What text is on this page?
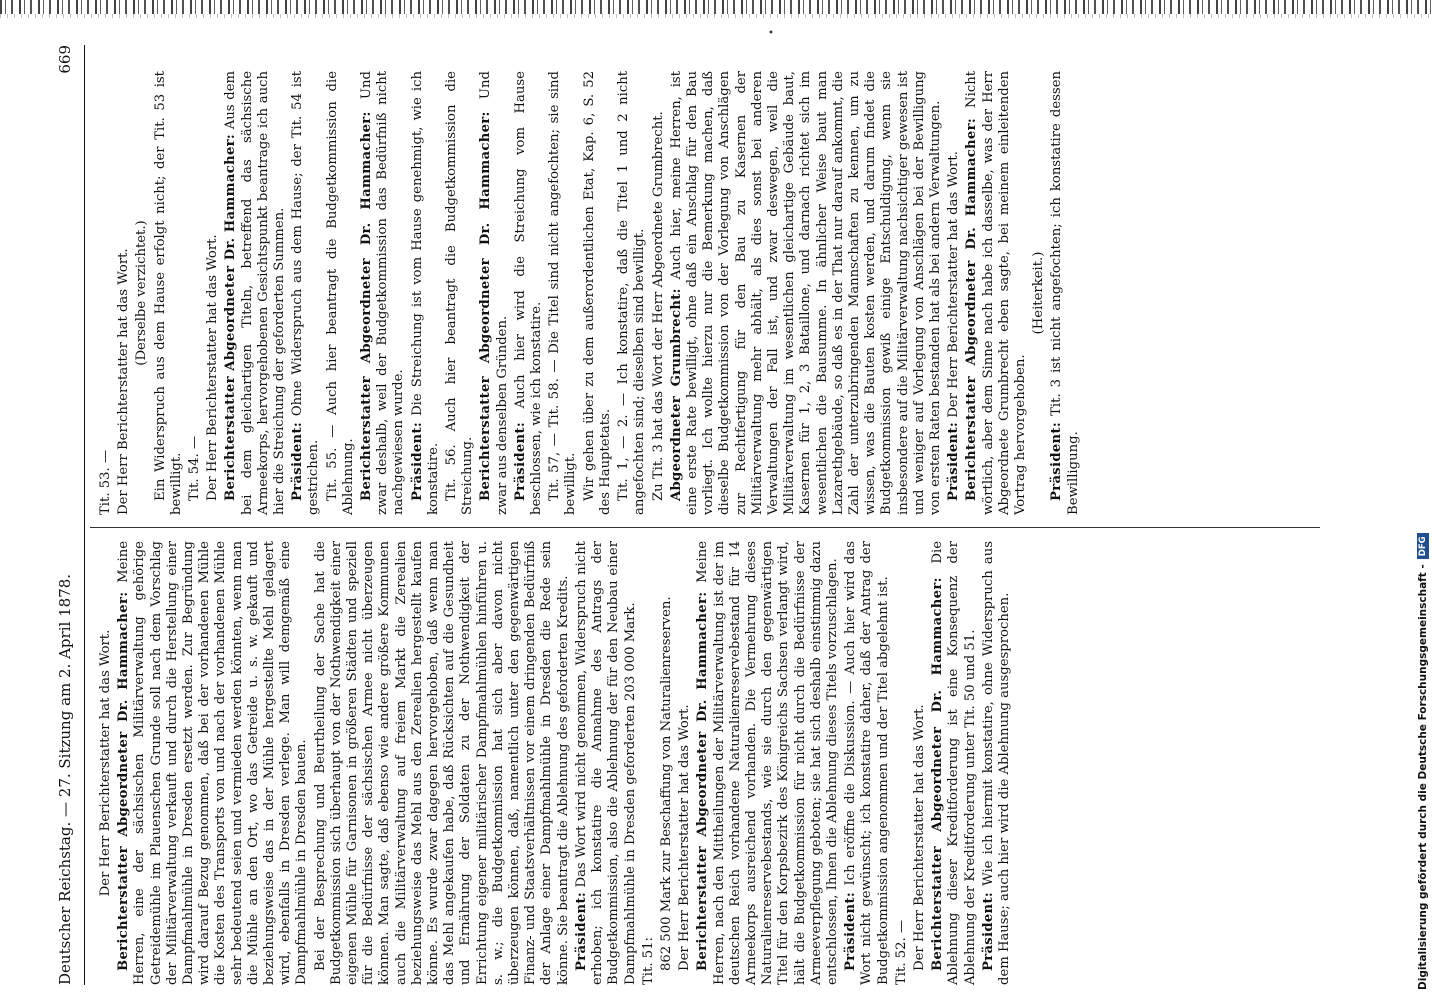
Deutscher Reichstag. — 27. Sitzung am 2. April 1878.
669

Der Herr Berichterstatter hat das Wort. Berichterstatter Abgeordneter Dr. Hammacher: Meine Herren, eine der sächsischen Militärverwaltung gehörige Getreidemühle im Plauenschen Grunde soll nach dem Vorschlag der Militärverwaltung verkauft und durch die Herstellung einer Dampfmahlmühle in Dresden ersetzt werden. Zur Begründung wird darauf Bezug genommen, daß bei der vorhandenen Mühle die Kosten des Transports von und nach der vorhandenen Mühle sehr bedeutend seien und vermieden werden könnten, wenn man die Mühle an den Ort, wo das Getreide u. s. w. gekauft und beziehungsweise das in der Mühle hergestellte Mehl gelagert wird, ebenfalls in Dresden verlege. Man will demgemäß eine Dampfmahlmühle in Dresden bauen. Bei der Besprechung und Beurtheilung der Sache hat die Budgetkommission sich überhaupt von der Nothwendigkeit einer eigenen Mühle für Garnisonen in größeren Städten und speziell für die Bedürfnisse der sächsischen Armee nicht überzeugen können. Man sagte, daß ebenso wie andere größere Kommunen auch die Militärverwaltung auf freiem Markt die Zerealien beziehungsweise das Mehl aus den Zerealien hergestellt kaufen könne. Es wurde zwar dagegen hervorgehoben, daß wenn man das Mehl angekaufen habe, daß Rücksichten auf die Gesundheit und Ernährung der Soldaten zu der Nothwendigkeit der Errichtung eigener militärischer Dampfmahlmühlen hinführen u. s. w.; die Budgetkommission hat sich aber davon nicht überzeugen können, daß, namentlich unter den gegenwärtigen Finanz- und Staatsverhältnissen vor einem dringenden Bedürfniß der Anlage einer Dampfmahlmühle in Dresden die Rede sein könne. Sie beantragt die Ablehnung des geforderten Kredits. Präsident: Das Wort wird nicht genommen, Widerspruch nicht erhoben; ich konstatire die Annahme des Antrags der Budgetkommission, also die Ablehnung der für den Neubau einer Dampfmahlmühle in Dresden geforderten 203 000 Mark. Tit. 51: 862 500 Mark zur Beschaffung von Naturalienreserven. Der Herr Berichterstatter hat das Wort. Berichterstatter Abgeordneter Dr. Hammacher: Meine Herren, nach den Mittheilungen der Militärverwaltung ist der im deutschen Reich vorhandene Naturalienreservebestand für 14 Armeekorps ausreichend vorhanden. Die Vermehrung dieses Naturalienreservebestands, wie sie durch den gegenwärtigen Titel für den Korpsbezirk des Königreichs Sachsen verlangt wird, hält die Budgetkommission für nicht durch die Bedürfnisse der Armeeverpflegung geboten; sie hat sich deshalb einstimmig dazu entschlossen, Ihnen die Ablehnung dieses Titels vorzuschlagen. Präsident: Ich eröffne die Diskussion. — Auch hier wird das Wort nicht gewünscht; ich konstatire daher, daß der Antrag der Budgetkommission angenommen und der Titel abgelehnt ist. Tit. 52. — Der Herr Berichterstatter hat das Wort. Berichterstatter Abgeordneter Dr. Hammacher: Die Ablehnung dieser Kreditforderung ist eine Konsequenz der Ablehnung der Kreditforderung unter Tit. 50 und 51. Präsident: Wie ich hiermit konstatire, ohne Widerspruch aus dem Hause; auch hier wird die Ablehnung ausgesprochen.

Tit. 53. — Der Herr Berichterstatter hat das Wort. (Derselbe verzichtet.) Ein Widerspruch aus dem Hause erfolgt nicht; der Tit. 53 ist bewilligt. Tit. 54. — Der Herr Berichterstatter hat das Wort. Berichterstatter Abgeordneter Dr. Hammacher: Aus dem bei dem gleichartigen Titeln, betreffend das sächsische Armeekorps, hervorgehobenen Gesichtspunkt beantrage ich auch hier die Streichung der geforderten Summen. Präsident: Ohne Widerspruch aus dem Hause; der Tit. 54 ist gestrichen. Tit. 55. — Auch hier beantragt die Budgetkommission die Ablehnung. Berichterstatter Abgeordneter Dr. Hammacher: Und zwar deshalb, weil der Budgetkommission das Bedürfniß nicht nachgewiesen wurde. Präsident: Die Streichung ist vom Hause genehmigt, wie ich konstatire. Tit. 56. Auch hier beantragt die Budgetkommission die Streichung. Berichterstatter Abgeordneter Dr. Hammacher: Und zwar aus denselben Gründen. Präsident: Auch hier wird die Streichung vom Hause beschlossen, wie ich konstatire. Tit. 57, — Tit. 58. — Die Titel sind nicht angefochten; sie sind bewilligt. Wir gehen über zu dem außerordentlichen Etat, Kap. 6, S. 52 des Hauptetats. Tit. 1, — 2. — Ich konstatire, daß die Titel 1 und 2 nicht angefochten sind; dieselben sind bewilligt. Zu Tit. 3 hat das Wort der Herr Abgeordnete Grumbrecht. Abgeordneter Grumbrecht: Auch hier, meine Herren, ist eine erste Rate bewilligt, ohne daß ein Anschlag für den Bau vorliegt. Ich wollte hierzu nur die Bemerkung machen, daß dieselbe Budgetkommission von der Vorlegung von Anschlägen zur Rechtfertigung für den Bau zu Kasernen der Militärverwaltung mehr abhält, als dies sonst bei anderen Verwaltungen der Fall ist, und zwar deswegen, weil die Militärverwaltung im wesentlichen gleichartige Gebäude baut, Kasernen für 1, 2, 3 Bataillone, und darnach richtet sich im wesentlichen die Bausumme. In ähnlicher Weise baut man Lazarethgebäude, so daß es in der That nur darauf ankommt, die Zahl der unterzubringenden Mannschaften zu kennen, um zu wissen, was die Bauten kosten werden, und darum findet die Budgetkommission gewiß einige Entschuldigung, wenn sie insbesondere auf die Militärverwaltung nachsichtiger gewesen ist und weniger auf Vorlegung von Anschlägen bei der Bewilligung von ersten Raten bestanden hat als bei andern Verwaltungen. Präsident: Der Herr Berichterstatter hat das Wort. Berichterstatter Abgeordneter Dr. Hammacher: Nicht wörtlich, aber dem Sinne nach habe ich dasselbe, was der Herr Abgeordnete Grumbrecht eben sagte, bei meinem einleitenden Vortrag hervorgehoben.

(Heiterkeit.)

Präsident: Tit. 3 ist nicht angefochten; ich konstatire dessen Bewilligung.

Digitalisierung gefördert durch die Deutsche Forschungsgemeinschaft -
DFG
•
